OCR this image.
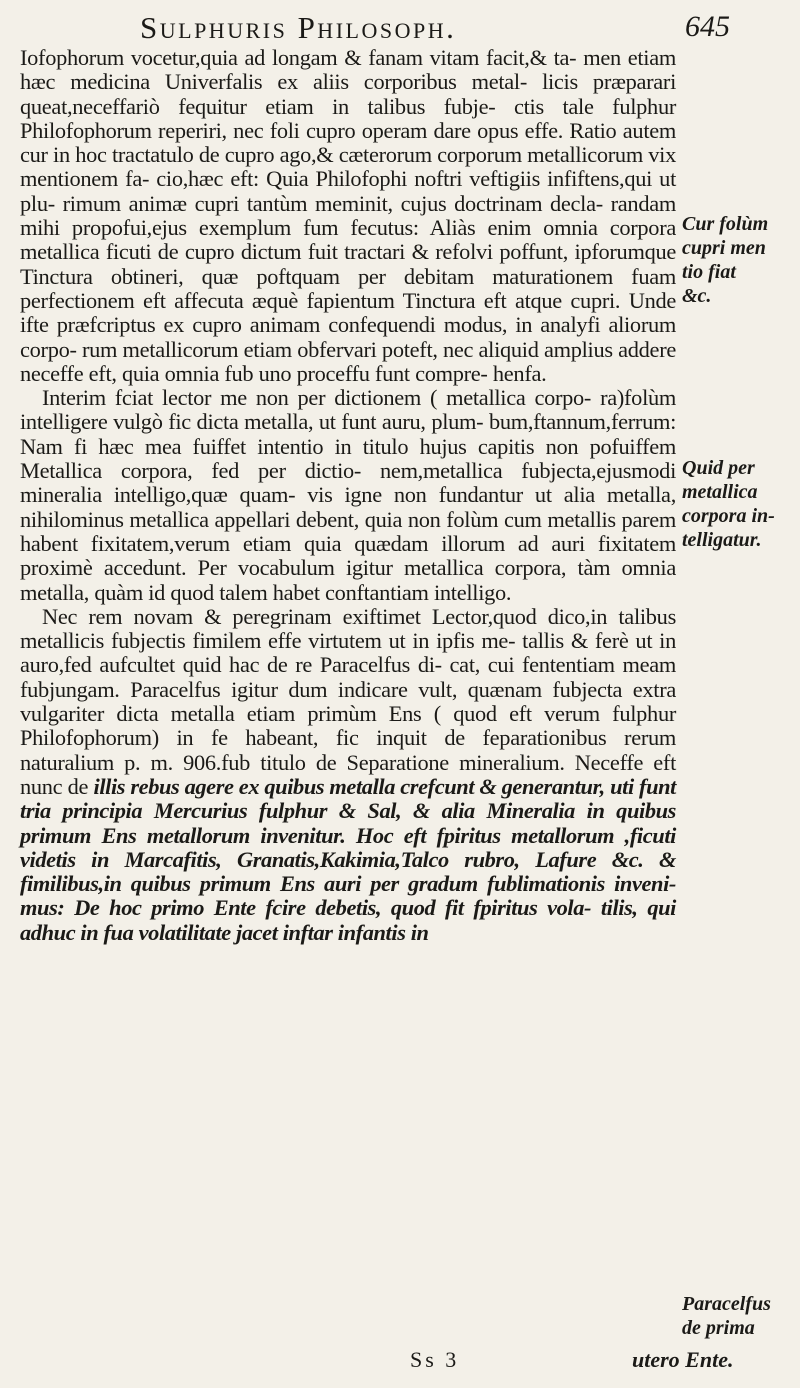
Sulphuris Philosoph.	645

Iofophorum vocetur,quia ad longam & fanam vitam facit,& ta- men etiam hæc medicina Univerfalis ex aliis corporibus metal- licis præparari queat,neceffariò fequitur etiam in talibus fubje- ctis tale fulphur Philofophorum reperiri, nec foli cupro operam dare opus effe. Ratio autem cur in hoc tractatulo de cupro ago,& cæterorum corporum metallicorum vix mentionem fa- cio,hæc eft: Quia Philofophi noftri veftigiis infiftens,qui ut plu- rimum animæ cupri tantùm meminit, cujus doctrinam decla- randam mihi propofui,ejus exemplum fum fecutus: Aliàs enim omnia corpora metallica ficuti de cupro dictum fuit tractari & refolvi poffunt, ipforumque Tinctura obtineri, quæ poftquam per debitam maturationem fuam perfectionem eft affecuta æquè fapientum Tinctura eft atque cupri. Unde ifte præfcriptus ex cupro animam confequendi modus, in analyfi aliorum corpo- rum metallicorum etiam obfervari poteft, nec aliquid amplius addere neceffe eft, quia omnia fub uno proceffu funt compre- henfa.

Interim fciat lector me non per dictionem ( metallica corpo- ra)folùm intelligere vulgò fic dicta metalla, ut funt auru, plum- bum,ftannum,ferrum: Nam fi hæc mea fuiffet intentio in titulo hujus capitis non pofuiffem Metallica corpora, fed per dictio- nem,metallica fubjecta,ejusmodi mineralia intelligo,quæ quam- vis igne non fundantur ut alia metalla, nihilominus metallica appellari debent, quia non folùm cum metallis parem habent fixitatem,verum etiam quia quædam illorum ad auri fixitatem proximè accedunt. Per vocabulum igitur metallica corpora, tàm omnia metalla, quàm id quod talem habet conftantiam intelligo.

Nec rem novam & peregrinam exiftimet Lector,quod dico,in talibus metallicis fubjectis fimilem effe virtutem ut in ipfis me- tallis & ferè ut in auro,fed aufcultet quid hac de re Paracelfus di- cat, cui fententiam meam fubjungam. Paracelfus igitur dum indicare vult, quænam fubjecta extra vulgariter dicta metalla etiam primùm Ens ( quod eft verum fulphur Philofophorum) in fe habeant, fic inquit de feparationibus rerum naturalium p. m. 906.fub titulo de Separatione mineralium. Neceffe eft nunc de illis rebus agere ex quibus metalla crefcunt & generantur, uti funt tria principia Mercurius fulphur & Sal, & alia Mineralia in quibus primum Ens metallorum invenitur. Hoc eft fpiritus metallorum ,ficuti videtis in Marcafitis, Granatis,Kakimia,Talco rubro, Lafure &c. & fimilibus,in quibus primum Ens auri per gradum fublimationis inveni- mus: De hoc primo Ente fcire debetis, quod fit fpiritus vola- tilis, qui adhuc in fua volatilitate jacet inftar infantis in

Cur folùm
cupri men
tio fiat
&c.
Quid per
metallica
corpora in-
telligatur.
Paracelfus
de prima
Ss 3	utero Ente.
